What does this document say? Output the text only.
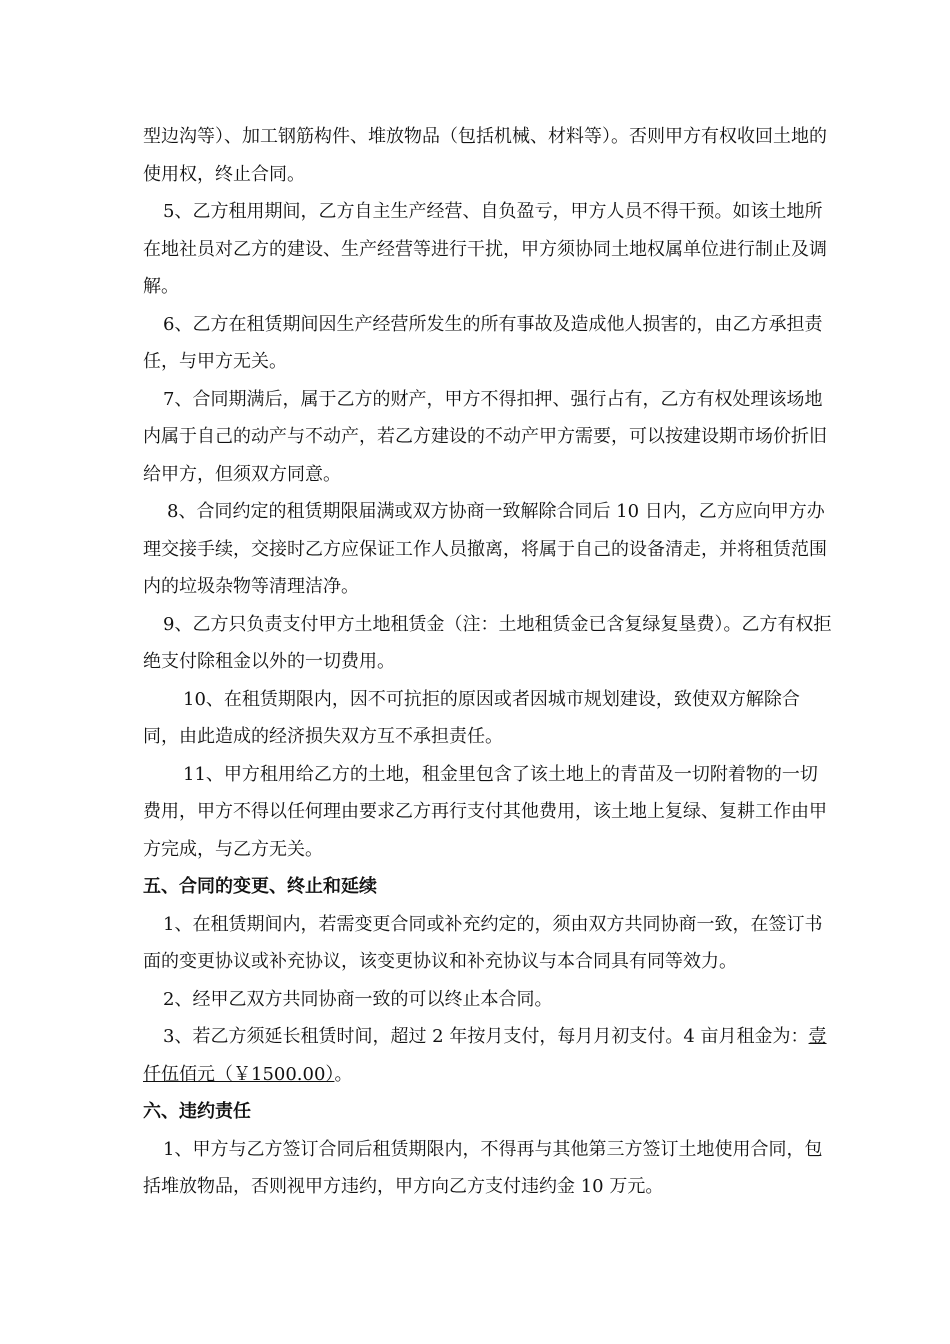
型边沟等）、加工钢筋构件、堆放物品（包括机械、材料等）。否则甲方有权收回土地的使用权，终止合同。

5、乙方租用期间，乙方自主生产经营、自负盈亏，甲方人员不得干预。如该土地所在地社员对乙方的建设、生产经营等进行干扰，甲方须协同土地权属单位进行制止及调解。

6、乙方在租赁期间因生产经营所发生的所有事故及造成他人损害的，由乙方承担责任，与甲方无关。

7、合同期满后，属于乙方的财产，甲方不得扣押、强行占有，乙方有权处理该场地内属于自己的动产与不动产，若乙方建设的不动产甲方需要，可以按建设期市场价折旧给甲方，但须双方同意。

8、合同约定的租赁期限届满或双方协商一致解除合同后 10 日内，乙方应向甲方办理交接手续，交接时乙方应保证工作人员撤离，将属于自己的设备清走，并将租赁范围内的垃圾杂物等清理洁净。

9、乙方只负责支付甲方土地租赁金（注：土地租赁金已含复绿复垦费）。乙方有权拒绝支付除租金以外的一切费用。

10、在租赁期限内，因不可抗拒的原因或者因城市规划建设，致使双方解除合同，由此造成的经济损失双方互不承担责任。

11、甲方租用给乙方的土地，租金里包含了该土地上的青苗及一切附着物的一切费用，甲方不得以任何理由要求乙方再行支付其他费用，该土地上复绿、复耕工作由甲方完成，与乙方无关。

五、合同的变更、终止和延续

1、在租赁期间内，若需变更合同或补充约定的，须由双方共同协商一致，在签订书面的变更协议或补充协议，该变更协议和补充协议与本合同具有同等效力。

2、经甲乙双方共同协商一致的可以终止本合同。

3、若乙方须延长租赁时间，超过 2 年按月支付，每月月初支付。4 亩月租金为：壹仟伍佰元（￥1500.00）。

六、违约责任

1、甲方与乙方签订合同后租赁期限内，不得再与其他第三方签订土地使用合同，包括堆放物品，否则视甲方违约，甲方向乙方支付违约金 10 万元。
